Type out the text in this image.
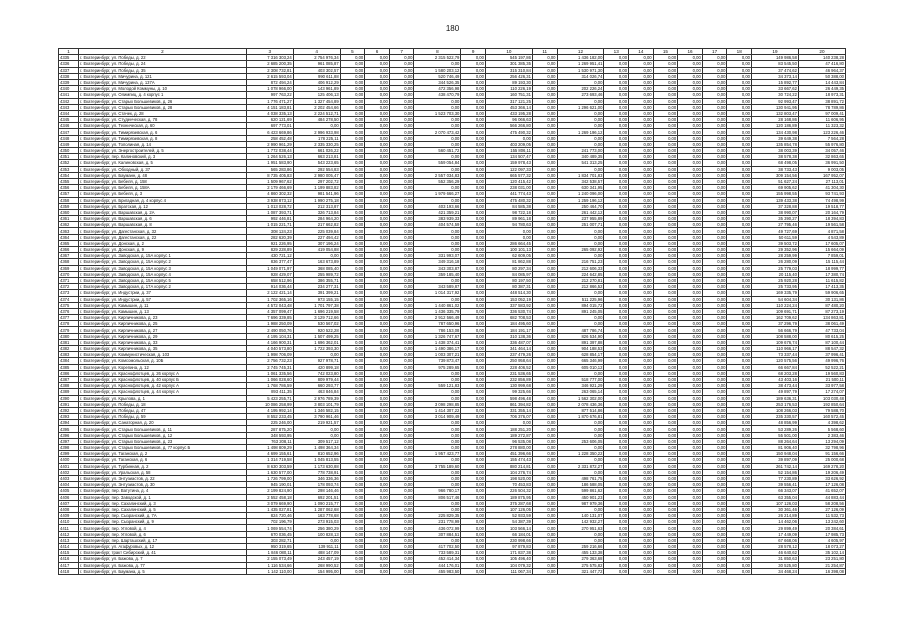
180
1	2	3	4	5	6	7	8	9	10	11	12	13	14	15	16	17	18	19	20
4335	г. Екатеринбург, ул. Победы, д. 22	7 316 303,24	2 754 976,34	0,00	0,00	0,00	2 315 522,79	0,00	545 197,86	0,00	1 436 182,00	0,00	0,00	0,00	0,00	0,00	0,00	149 986,58	140 238,28
4336	г. Екатеринбург, ул. Победы, д. 24	2 685 200,35	961 085,87	0,00	0,00	0,00	0,00	0,00	301 385,35	0,00	1 269 951,41	0,00	0,00	0,00	0,00	0,00	0,00	83 545,50	47 416,80
4337	г. Екатеринбург, ул. Победы, д. 35	2 308 732,81	403 302,57	0,00	0,00	0,00	1 580 203,12	0,00	315 310,84	0,00	1 530 971,30	0,00	0,00	0,00	0,00	0,00	0,00	37 474,62	46 964,37
4338	г. Екатеринбург, ул. Мичурина, д. 121	2 615 593,04	990 611,88	0,00	0,00	0,00	520 746,49	0,00	256 426,31	0,00	314 026,74	0,00	0,00	0,00	0,00	0,00	0,00	34 373,14	50 388,00
4339	г. Екатеринбург, ул. Мичурина, д. 137А	872 494,24	406 912,29	0,00	0,00	0,00	344 526,35	0,00	89 193,30	0,00	0,00	0,00	0,00	0,00	0,00	0,00	0,00	15 892,77	14 443,84
4340	г. Екатеринбург, ул. Молодой Коммуны, д. 10	1 078 966,00	143 961,89	0,00	0,00	0,00	472 356,98	0,00	110 226,19	0,00	202 226,24	0,00	0,00	0,00	0,00	0,00	0,00	33 667,62	26 449,35
4341	г. Екатеринбург, ул. Олимпиц, д. 4 корпус 1	997 763,22	125 406,13	0,00	0,00	0,00	438 470,79	0,00	160 751,31	0,00	273 693,46	0,00	0,00	0,00	0,00	0,00	0,00	30 724,22	18 973,31
4342	г. Екатеринбург, ул. Старых Большевиков, д. 26	1 776 471,27	1 327 454,89	0,00	0,00	0,00	0,00	0,00	317 121,25	0,00	0,00	0,00	0,00	0,00	0,00	0,00	0,00	92 993,47	38 891,72
4343	г. Екатеринбург, ул. Старых Большевиков, д. 28	4 151 183,81	2 202 454,66	0,00	0,00	0,00	0,00	0,00	453 366,14	0,00	1 296 621,00	0,00	0,00	0,00	0,00	0,00	0,00	130 941,95	78 789,86
4344	г. Екатеринбург, ул. Стачек, д. 28	4 038 335,13	2 224 512,71	0,00	0,00	0,00	1 523 703,30	0,00	433 195,28	0,00	0,00	0,00	0,00	0,00	0,00	0,00	0,00	132 803,47	97 009,41
4345	г. Екатеринбург, ул. Студенческая, д. 78	620 121,69	484 278,50	0,00	0,00	0,00	0,00	0,00	96 066,63	0,00	0,00	0,00	0,00	0,00	0,00	0,00	0,00	28 168,86	11 606,95
4346	г. Екатеринбург, ул. Техническая, д. 60	697 773,01	0,00	0,00	0,00	0,00	0,00	0,00	566 266,80	0,00	0,00	0,00	0,00	0,00	0,00	0,00	0,00	120 186,89	11 323,32
4347	г. Екатеринбург, ул. Тимирязевская, д. 6	6 423 669,86	2 996 933,98	0,00	0,00	0,00	2 070 473,42	0,00	475 490,32	0,00	1 269 196,12	0,00	0,00	0,00	0,00	0,00	0,00	134 430,98	123 226,46
4348	г. Екатеринбург, ул. Тимирязевская, д. 8	258 452,48	178 225,11	0,00	0,00	0,00	0,00	0,00	0,00	0,00	0,00	0,00	0,00	0,00	0,00	0,00	0,00	39 649,38	7 564,28
4349	г. Екатеринбург, ул. Тополиная, д. 14	2 990 961,29	2 335 330,25	0,00	0,00	0,00	0,00	0,00	403 209,05	0,00	0,00	0,00	0,00	0,00	0,00	0,00	0,00	135 854,78	55 976,80
4350	г. Екатеринбург, ул. Энергостроителей, д. 5	1 772 038,44	661 026,22	0,00	0,00	0,00	560 451,72	0,00	155 806,11	0,00	241 773,00	0,00	0,00	0,00	0,00	0,00	0,00	38 003,39	34 057,46
4351	г. Екатеринбург, пер. Калиновский, д. 3	1 264 526,13	663 213,81	0,00	0,00	0,00	0,00	0,00	134 507,47	0,00	340 489,35	0,00	0,00	0,00	0,00	0,00	0,00	38 578,38	32 863,65
4352	г. Екатеринбург, ул. Калиновская, д. 5	1 951 583,90	543 223,65	0,00	0,00	0,00	559 054,84	0,00	159 978,43	0,00	541 313,25	0,00	0,00	0,00	0,00	0,00	0,00	68 498,05	36 991,50
4353	г. Екатеринбург, ул. Обходный, д. 37	565 283,86	292 554,83	0,00	0,00	0,00	0,00	0,00	122 097,33	0,00	0,00	0,00	0,00	0,00	0,00	0,00	0,00	38 733,43	9 003,05
4354	г. Екатеринбург, ул. Бауманн, д. 48	8 735 405,83	2 980 005,47	0,00	0,00	0,00	2 557 034,83	0,00	665 577,32	0,00	1 834 701,83	0,00	0,00	0,00	0,00	0,00	0,00	309 154,56	167 952,07
4355	г. Екатеринбург, ул. Бебеля, д. 158	1 509 967,62	297 202,72	0,00	0,00	0,00	552 356,29	0,00	120 415,42	0,00	342 538,57	0,00	0,00	0,00	0,00	0,00	0,00	51 627,24	27 113,01
4356	г. Екатеринбург, ул. Бебеля, д. 158А	2 179 466,69	1 199 883,82	0,00	0,00	0,00	0,00	0,00	238 031,00	0,00	630 341,95	0,00	0,00	0,00	0,00	0,00	0,00	69 905,62	41 304,30
4357	г. Екатеринбург, ул. Бебеля, д. 3	4 860 302,32	981 541,96	0,00	0,00	0,00	1 979 666,27	0,00	441 774,43	0,00	1 240 096,00	0,00	0,00	0,00	0,00	0,00	0,00	155 998,55	93 741,93
4358	г. Екатеринбург, ул. Бригадная, д. 4 корпус 4	3 938 873,12	1 990 275,18	0,00	0,00	0,00	0,00	0,00	475 480,32	0,00	1 259 196,12	0,00	0,00	0,00	0,00	0,00	0,00	139 433,38	74 498,99
4359	г. Екатеринбург, ул. Братская, д. 12	1 013 028,72	212 313,87	0,00	0,00	0,00	403 193,66	0,00	84 585,38	0,00	250 464,70	0,00	0,00	0,00	0,00	0,00	0,00	37 328,88	19 518,77
4360	г. Екатеринбург, ул. Варшавская, д. 2А	1 087 393,71	326 713,84	0,00	0,00	0,00	421 359,21	0,00	98 722,18	0,00	261 442,12	0,00	0,00	0,00	0,00	0,00	0,00	38 990,07	20 164,79
4361	г. Екатеринбург, ул. Варшавская, д. 6	992 446,81	284 964,20	0,00	0,00	0,00	383 939,33	0,00	89 961,18	0,00	237 955,89	0,00	0,00	0,00	0,00	0,00	0,00	35 390,27	18 394,83
4362	г. Екатеринбург, ул. Варшавская, д. 8	1 015 221,71	217 662,82	0,00	0,00	0,00	404 574,59	0,00	94 780,63	0,00	251 007,71	0,00	0,00	0,00	0,00	0,00	0,00	27 795,46	19 561,58
4363	г. Екатеринбург, ул. Дагестанская, д. 32	308 124,23	225 039,84	0,00	0,00	0,00	0,00	0,00	0,00	0,00	0,00	0,00	0,00	0,00	0,00	0,00	0,00	49 727,69	4 871,58
4364	г. Екатеринбург, ул. Дагестанская, д. 22	282 620,39	227 494,42	0,00	0,00	0,00	0,00	0,00	0,00	0,00	0,00	0,00	0,00	0,00	0,00	0,00	0,00	50 611,59	4 543,89
4365	г. Екатеринбург, ул. Донская, д. 2	921 226,95	307 196,24	0,00	0,00	0,00	0,00	0,00	286 664,45	0,00	0,00	0,00	0,00	0,00	0,00	0,00	0,00	39 503,72	17 605,07
4366	г. Екатеринбург, ул. Донская, д. 9	829 228,89	419 054,88	0,00	0,00	0,00	0,00	0,00	100 101,13	0,00	265 092,92	0,00	0,00	0,00	0,00	0,00	0,00	29 352,96	15 664,09
4367	г. Екатеринбург, ул. Заводская, д. 15А корпус 1	430 721,12	0,00	0,00	0,00	0,00	331 993,07	0,00	62 609,05	0,00	0,00	0,00	0,00	0,00	0,00	0,00	0,00	28 259,99	7 859,01
4368	г. Екатеринбург, ул. Заводская, д. 15А корпус 2	836 377,47	163 673,89	0,00	0,00	0,00	349 316,18	0,00	81 862,88	0,00	216 751,23	0,00	0,00	0,00	0,00	0,00	0,00	26 280,09	15 115,44
4369	г. Екатеринбург, ул. Заводская, д. 15А корпус 3	1 049 071,97	368 085,40	0,00	0,00	0,00	343 303,87	0,00	80 297,34	0,00	212 606,33	0,00	0,00	0,00	0,00	0,00	0,00	25 779,03	18 999,77
4370	г. Екатеринбург, ул. Заводская, д. 15А корпус 4	928 429,07	255 989,72	0,00	0,00	0,00	359 185,40	0,00	84 085,97	0,00	224 642,85	0,00	0,00	0,00	0,00	0,00	0,00	20 115,40	17 380,74
4371	г. Екатеринбург, ул. Заводская, д. 15А корпус 5	658 512,96	386 355,71	0,00	0,00	0,00	0,00	0,00	80 197,50	0,00	212 270,81	0,00	0,00	0,00	0,00	0,00	0,00	25 920,28	11 615,82
4372	г. Екатеринбург, ул. Заводская, д. 17А корпус 2	914 036,44	234 277,31	0,00	0,00	0,00	343 589,87	0,00	80 387,31	0,00	212 866,52	0,00	0,00	0,00	0,00	0,00	0,00	25 733,95	17 413,35
4373	г. Екатеринбург, ул. Индустрии, д. 37	2 122 421,14	391 399,21	0,00	0,00	0,00	1 014 317,92	0,00	448 514,30	0,00	0,00	0,00	0,00	0,00	0,00	0,00	0,00	169 335,79	59 906,65
4374	г. Екатеринбург, ул. Индустрии, д. 57	1 702 365,16	973 155,15	0,00	0,00	0,00	0,00	0,00	153 052,19	0,00	511 225,96	0,00	0,00	0,00	0,00	0,00	0,00	54 604,34	30 131,86
4375	г. Екатеринбург, ул. Камышин, д. 11	4 572 043,48	1 701 797,38	0,00	0,00	0,00	1 440 861,02	0,00	337 583,92	0,00	894 015,72	0,00	0,00	0,00	0,00	0,00	0,00	110 224,24	87 480,20
4376	г. Екатеринбург, ул. Камышин, д. 13	4 357 099,47	1 696 219,58	0,00	0,00	0,00	1 436 335,79	0,00	336 530,74	0,00	891 245,05	0,00	0,00	0,00	0,00	0,00	0,00	109 691,71	87 273,19
4377	г. Екатеринбург, ул. Кирпичникова, д. 23	7 696 339,85	3 129 712,66	0,00	0,00	0,00	2 912 566,49	0,00	682 708,53	0,00	0,00	0,00	0,00	0,00	0,00	0,00	0,00	162 709,62	134 863,81
4378	г. Екатеринбург, ул. Кирпичникова, д. 25	1 988 250,09	530 567,02	0,00	0,00	0,00	787 650,96	0,00	184 495,60	0,00	0,00	0,00	0,00	0,00	0,00	0,00	0,00	37 296,79	38 061,49
4379	г. Екатеринбург, ул. Кирпичникова, д. 27	2 490 050,76	920 522,28	0,00	0,00	0,00	786 153,08	0,00	184 191,17	0,00	487 786,74	0,00	0,00	0,00	0,00	0,00	0,00	56 666,79	47 733,04
4380	г. Екатеринбург, ул. Кирпичникова, д. 29	4 195 104,31	1 507 499,25	0,00	0,00	0,00	1 326 747,67	0,00	310 138,36	0,00	826 534,90	0,00	0,00	0,00	0,00	0,00	0,00	108 588,00	80 615,25
4381	г. Екатеринбург, ул. Кирпичникова, д. 33	4 166 900,31	1 696 362,01	0,00	0,00	0,00	1 438 374,41	0,00	336 487,07	0,00	891 397,88	0,00	0,00	0,00	0,00	0,00	0,00	109 676,74	87 100,44
4382	г. Екатеринбург, ул. Кирпичникова, д. 35	4 040 573,80	1 722 393,30	0,00	0,00	0,00	1 490 386,17	0,00	341 464,14	0,00	904 188,53	0,00	0,00	0,00	0,00	0,00	0,00	110 966,17	88 547,32
4383	г. Екатеринбург, ул. Коммунистическая, д. 103	1 998 706,09	0,00	0,00	0,00	0,00	1 003 307,21	0,00	237 479,26	0,00	628 854,17	0,00	0,00	0,00	0,00	0,00	0,00	73 337,44	37 996,41
4384	г. Екатеринбург, ул. Комсомольская, д. 10Б	2 756 732,23	927 978,71	0,00	0,00	0,00	739 873,47	0,00	250 958,64	0,00	665 346,99	0,00	0,00	0,00	0,00	0,00	0,00	120 575,56	49 996,76
4385	г. Екатеринбург, ул. Корепина, д. 12	2 745 745,31	420 899,18	0,00	0,00	0,00	975 289,65	0,00	228 406,52	0,00	605 010,12	0,00	0,00	0,00	0,00	0,00	0,00	66 667,84	52 522,21
4386	г. Екатеринбург, ул. Краснофлотцев, д. 26 корпус А	1 061 335,56	742 023,80	0,00	0,00	0,00	0,00	0,00	231 536,65	0,00	0,00	0,00	0,00	0,00	0,00	0,00	0,00	68 203,28	19 560,83
4387	г. Екатеринбург, ул. Краснофлотцев, д. 40 корпус Б	1 066 028,60	809 979,44	0,00	0,00	0,00	0,00	0,00	232 856,89	0,00	518 777,00	0,00	0,00	0,00	0,00	0,00	0,00	43 403,16	21 500,11
4388	г. Екатеринбург, ул. Краснофлотцев, д. 42 корпус А	1 768 786,59	660 293,77	0,00	0,00	0,00	559 121,83	0,00	130 999,68	0,00	346 921,29	0,00	0,00	0,00	0,00	0,00	0,00	38 473,44	33 977,58
4389	г. Екатеринбург, ул. Краснофлотцев, д. 44 корпус А	893 411,35	463 846,84	0,00	0,00	0,00	0,00	0,00	99 325,66	0,00	263 065,14	0,00	0,00	0,00	0,00	0,00	0,00	49 897,79	17 274,07
4390	г. Екатеринбург, ул. Крылова, д. 1	5 423 255,71	2 976 789,39	0,00	0,00	0,00	0,00	0,00	598 496,48	0,00	1 562 302,00	0,00	0,00	0,00	0,00	0,00	0,00	189 636,31	103 030,48
4391	г. Екатеринбург, ул. Победы, д. 18	10 086 258,99	3 803 101,79	0,00	0,00	0,00	3 098 298,85	0,00	861 394,82	0,00	2 078 436,36	0,00	0,00	0,00	0,00	0,00	0,00	253 176,53	192 850,64
4392	г. Екатеринбург, ул. Победы, д. 47	4 195 992,14	1 346 582,15	0,00	0,00	0,00	1 414 307,22	0,00	331 355,14	0,00	877 514,86	0,00	0,00	0,00	0,00	0,00	0,00	108 266,03	79 588,70
4393	г. Екатеринбург, ул. Победы, д. 59	8 552 233,45	3 790 961,46	0,00	0,00	0,00	3 014 909,49	0,00	706 376,07	0,00	1 870 676,81	0,00	0,00	0,00	0,00	0,00	0,00	235 330,57	160 572,45
4394	г. Екатеринбург, ул. Санаторная, д. 20	225 246,00	219 921,57	0,00	0,00	0,00	0,00	0,00	0,00	0,00	0,00	0,00	0,00	0,00	0,00	0,00	0,00	48 856,99	4 398,62
4395	г. Екатеринбург, ул. Старых Большевиков, д. 11	287 875,20	0,00	0,00	0,00	0,00	0,00	0,00	188 251,20	0,00	0,00	0,00	0,00	0,00	0,00	0,00	0,00	53 289,26	5 568,60
4396	г. Екатеринбург, ул. Старых Большевиков, д. 12	348 593,95	0,00	0,00	0,00	0,00	0,00	0,00	189 272,87	0,00	0,00	0,00	0,00	0,00	0,00	0,00	0,00	55 501,00	2 383,46
4397	г. Екатеринбург, ул. Старых Большевиков, д. 23	763 208,11	309 517,12	0,00	0,00	0,00	0,00	0,00	96 535,08	0,00	253 606,05	0,00	0,00	0,00	0,00	0,00	0,00	88 264,64	13 294,09
4398	г. Екатеринбург, ул. Старых Большевиков, д. 77 корпус Б	1 498 809,29	1 498 364,34	0,00	0,00	0,00	0,00	0,00	278 880,00	0,00	0,00	0,00	0,00	0,00	0,00	0,00	0,00	81 906,40	32 798,96
4399	г. Екатеринбург, ул. Таганская, д. 2	4 699 155,61	810 652,96	0,00	0,00	0,00	1 957 423,77	0,00	451 396,66	0,00	1 228 350,22	0,00	0,00	0,00	0,00	0,00	0,00	150 948,04	91 156,66
4400	г. Екатеринбург, ул. Таганская, д. 6	1 314 719,58	1 045 813,55	0,00	0,00	0,00	0,00	0,00	155 474,43	0,00	0,00	0,00	0,00	0,00	0,00	0,00	0,00	39 897,09	25 000,68
4401	г. Екатеринбург, ул. Турбинная, д. 2	8 630 303,59	1 173 630,88	0,00	0,00	0,00	3 755 189,60	0,00	880 214,81	0,00	2 331 872,27	0,00	0,00	0,00	0,00	0,00	0,00	261 742,14	169 278,20
4402	г. Екатеринбург, ул. Уральская, д. 58	1 630 577,00	778 738,91	0,00	0,00	0,00	0,00	0,00	104 276,74	0,00	0,00	0,00	0,00	0,00	0,00	0,00	0,00	52 154,86	19 206,49
4403	г. Екатеринбург, ул. Энтузиастов, д. 22	1 726 799,00	346 336,36	0,00	0,00	0,00	0,00	0,00	198 520,00	0,00	498 761,75	0,00	0,00	0,00	0,00	0,00	0,00	77 230,89	33 626,92
4404	г. Екатеринбург, ул. Энтузиастов, д. 30	945 190,01	178 093,74	0,00	0,00	0,00	0,00	0,00	70 453,83	0,00	186 588,05	0,00	0,00	0,00	0,00	0,00	0,00	39 556,41	17 126,08
4405	г. Екатеринбург, пер. Ватутина, д. 4	2 199 824,90	298 146,46	0,00	0,00	0,00	966 780,17	0,00	226 504,32	0,00	599 861,62	0,00	0,00	0,00	0,00	0,00	0,00	66 343,07	41 652,07
4406	г. Екатеринбург, пер. Заводской, д. 1	2 552 458,18	692 201,51	0,00	0,00	0,00	806 517,46	0,00	189 875,95	0,00	450 901,23	0,00	0,00	0,00	0,00	0,00	0,00	63 355,04	44 883,44
4407	г. Екатеринбург, пер. Сахалинский, д. 3	3 079 669,90	1 090 215,77	0,00	0,00	0,00	0,00	0,00	375 287,68	0,00	987 979,36	0,00	0,00	0,00	0,00	0,00	0,00	107 126,03	58 208,56
4408	г. Екатеринбург, пер. Сахалинский, д. 5	1 435 027,81	1 287 062,68	0,00	0,00	0,00	0,00	0,00	107 126,05	0,00	0,00	0,00	0,00	0,00	0,00	0,00	0,00	30 361,46	27 126,09
4409	г. Екатеринбург, пер. Сызранский, д. 7А	824 720,46	163 778,68	0,00	0,00	0,00	225 829,35	0,00	52 933,59	0,00	140 131,07	0,00	0,00	0,00	0,00	0,00	0,00	26 214,89	11 532,73
4410	г. Екатеринбург, пер. Сызранский, д. 9	702 196,79	273 915,03	0,00	0,00	0,00	231 778,99	0,00	54 387,39	0,00	142 932,27	0,00	0,00	0,00	0,00	0,00	0,00	14 462,06	13 242,60
4411	г. Екатеринбург, пер. Угловой, д. 4	1 069 554,74	256 380,29	0,00	0,00	0,00	436 072,99	0,00	103 566,14	0,00	270 951,63	0,00	0,00	0,00	0,00	0,00	0,00	29 899,49	20 384,61
4412	г. Екатеринбург, пер. Угловой, д. 6	670 036,45	100 828,13	0,00	0,00	0,00	307 884,51	0,00	66 184,01	0,00	0,00	0,00	0,00	0,00	0,00	0,00	0,00	17 449,09	17 985,73
4413	г. Екатеринбург, пер. Шарташский, д. 17	303 282,71	0,00	0,00	0,00	0,00	0,00	0,00	230 998,66	0,00	0,00	0,00	0,00	0,00	0,00	0,00	0,00	67 668,06	4 605,97
4414	г. Екатеринбург, ул. Агафуровых, д. 12	950 319,65	139 911,11	0,00	0,00	0,00	417 702,50	0,00	97 879,83	0,00	259 216,66	0,00	0,00	0,00	0,00	0,00	0,00	28 578,12	18 073,27
4415	г. Екатеринбург, тракт Сибирский, д. 41	1 846 080,11	488 147,09	0,00	0,00	0,00	733 589,31	0,00	171 837,38	0,00	455 133,38	0,00	0,00	0,00	0,00	0,00	0,00	46 640,62	35 102,14
4416	г. Екатеринбург, ул. Бажова, д. 7	2 155 073,49	243 457,19	0,00	0,00	0,00	452 414,34	0,00	105 496,40	0,00	279 363,68	0,00	0,00	0,00	0,00	0,00	0,00	31 850,63	23 251,80
4417	г. Екатеринбург, ул. Бажова, д. 77	1 116 534,66	268 990,52	0,00	0,00	0,00	444 176,01	0,00	104 079,32	0,00	275 575,82	0,00	0,00	0,00	0,00	0,00	0,00	30 525,80	21 254,87
4418	г. Екатеринбург, ул. Баумана, д. 5	1 142 110,00	154 995,00	0,00	0,00	0,00	455 983,50	0,00	111 067,34	0,00	321 447,72	0,00	0,00	0,00	0,00	0,00	0,00	34 468,24	16 398,08
